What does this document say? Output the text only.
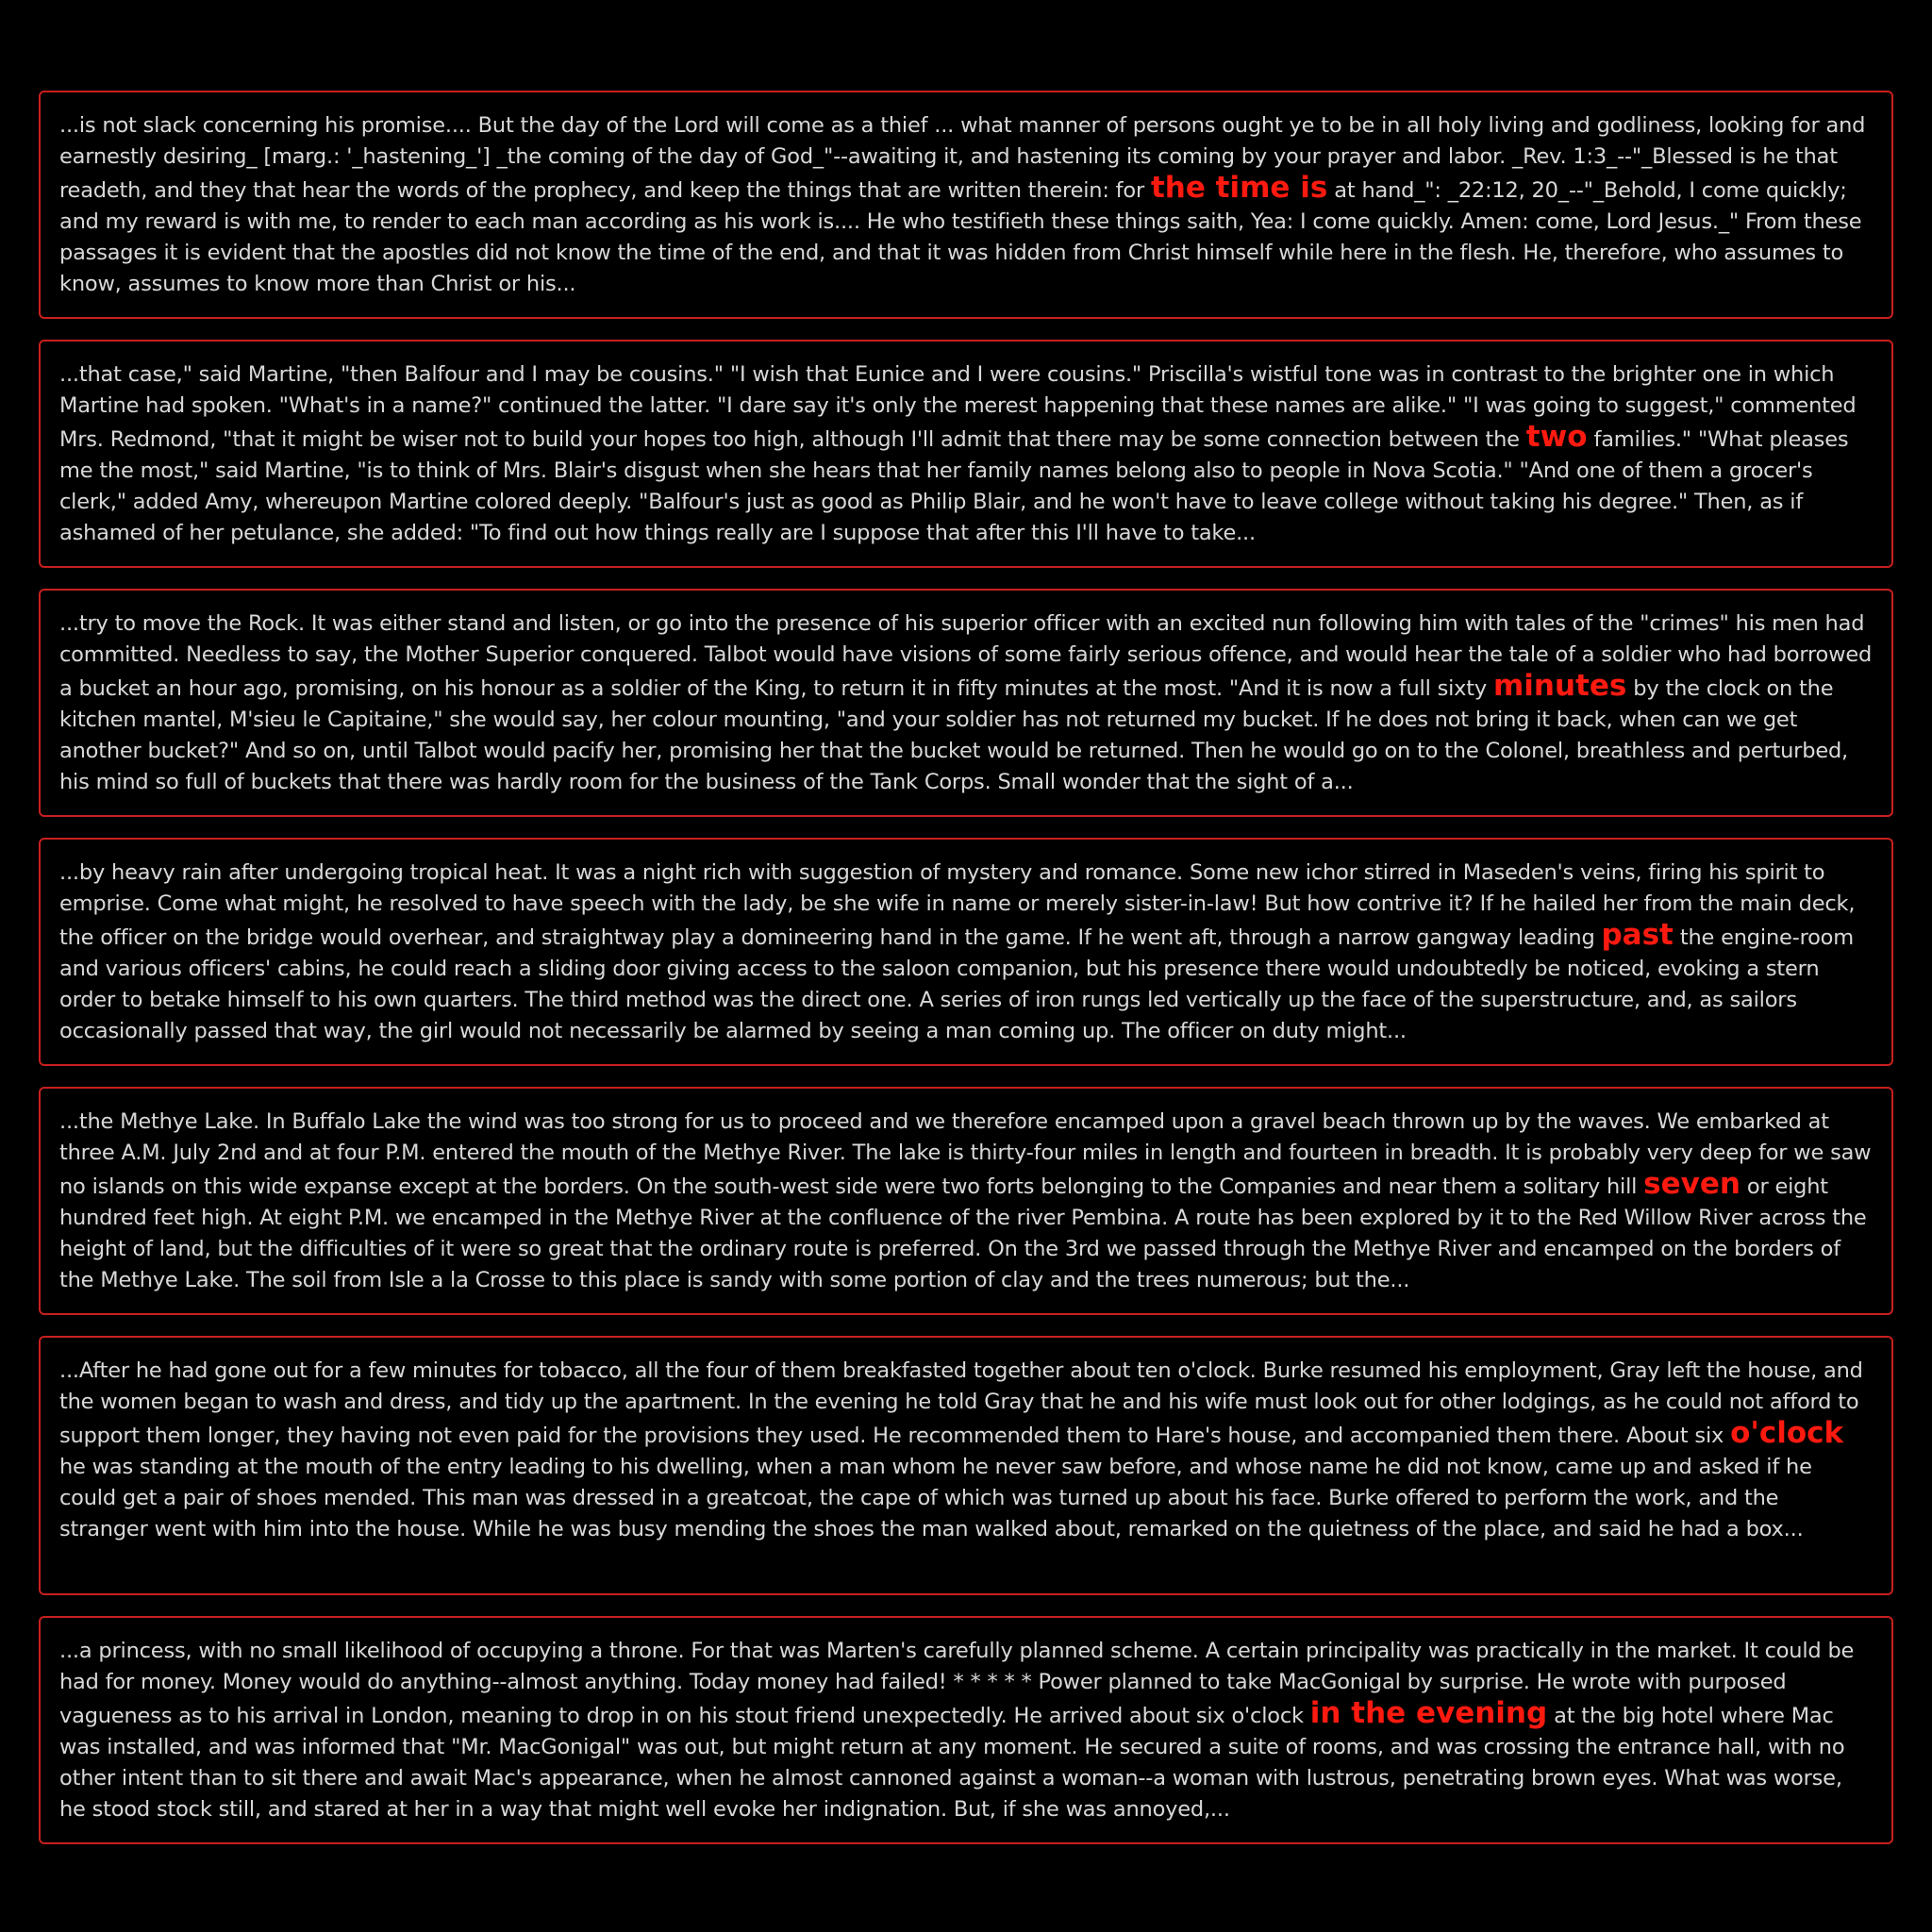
...is not slack concerning his promise.... But the day of the Lord will come as a thief ... what manner of persons ought ye to be in all holy living and godliness, looking for and earnestly desiring_ [marg.: '_hastening_'] _the coming of the day of God_"--awaiting it, and hastening its coming by your prayer and labor. _Rev. 1:3_--"_Blessed is he that readeth, and they that hear the words of the prophecy, and keep the things that are written therein: for the time is at hand_": _22:12, 20_--"_Behold, I come quickly; and my reward is with me, to render to each man according as his work is.... He who testifieth these things saith, Yea: I come quickly. Amen: come, Lord Jesus._" From these passages it is evident that the apostles did not know the time of the end, and that it was hidden from Christ himself while here in the flesh. He, therefore, who assumes to know, assumes to know more than Christ or his...
...that case," said Martine, "then Balfour and I may be cousins." "I wish that Eunice and I were cousins." Priscilla's wistful tone was in contrast to the brighter one in which Martine had spoken. "What's in a name?" continued the latter. "I dare say it's only the merest happening that these names are alike." "I was going to suggest," commented Mrs. Redmond, "that it might be wiser not to build your hopes too high, although I'll admit that there may be some connection between the two families." "What pleases me the most," said Martine, "is to think of Mrs. Blair's disgust when she hears that her family names belong also to people in Nova Scotia." "And one of them a grocer's clerk," added Amy, whereupon Martine colored deeply. "Balfour's just as good as Philip Blair, and he won't have to leave college without taking his degree." Then, as if ashamed of her petulance, she added: "To find out how things really are I suppose that after this I'll have to take...
...try to move the Rock. It was either stand and listen, or go into the presence of his superior officer with an excited nun following him with tales of the "crimes" his men had committed. Needless to say, the Mother Superior conquered. Talbot would have visions of some fairly serious offence, and would hear the tale of a soldier who had borrowed a bucket an hour ago, promising, on his honour as a soldier of the King, to return it in fifty minutes at the most. "And it is now a full sixty minutes by the clock on the kitchen mantel, M'sieu le Capitaine," she would say, her colour mounting, "and your soldier has not returned my bucket. If he does not bring it back, when can we get another bucket?" And so on, until Talbot would pacify her, promising her that the bucket would be returned. Then he would go on to the Colonel, breathless and perturbed, his mind so full of buckets that there was hardly room for the business of the Tank Corps. Small wonder that the sight of a...
...by heavy rain after undergoing tropical heat. It was a night rich with suggestion of mystery and romance. Some new ichor stirred in Maseden's veins, firing his spirit to emprise. Come what might, he resolved to have speech with the lady, be she wife in name or merely sister-in-law! But how contrive it? If he hailed her from the main deck, the officer on the bridge would overhear, and straightway play a domineering hand in the game. If he went aft, through a narrow gangway leading past the engine-room and various officers' cabins, he could reach a sliding door giving access to the saloon companion, but his presence there would undoubtedly be noticed, evoking a stern order to betake himself to his own quarters. The third method was the direct one. A series of iron rungs led vertically up the face of the superstructure, and, as sailors occasionally passed that way, the girl would not necessarily be alarmed by seeing a man coming up. The officer on duty might...
...the Methye Lake. In Buffalo Lake the wind was too strong for us to proceed and we therefore encamped upon a gravel beach thrown up by the waves. We embarked at three A.M. July 2nd and at four P.M. entered the mouth of the Methye River. The lake is thirty-four miles in length and fourteen in breadth. It is probably very deep for we saw no islands on this wide expanse except at the borders. On the south-west side were two forts belonging to the Companies and near them a solitary hill seven or eight hundred feet high. At eight P.M. we encamped in the Methye River at the confluence of the river Pembina. A route has been explored by it to the Red Willow River across the height of land, but the difficulties of it were so great that the ordinary route is preferred. On the 3rd we passed through the Methye River and encamped on the borders of the Methye Lake. The soil from Isle a la Crosse to this place is sandy with some portion of clay and the trees numerous; but the...
...After he had gone out for a few minutes for tobacco, all the four of them breakfasted together about ten o'clock. Burke resumed his employment, Gray left the house, and the women began to wash and dress, and tidy up the apartment. In the evening he told Gray that he and his wife must look out for other lodgings, as he could not afford to support them longer, they having not even paid for the provisions they used. He recommended them to Hare's house, and accompanied them there. About six o'clock he was standing at the mouth of the entry leading to his dwelling, when a man whom he never saw before, and whose name he did not know, came up and asked if he could get a pair of shoes mended. This man was dressed in a greatcoat, the cape of which was turned up about his face. Burke offered to perform the work, and the stranger went with him into the house. While he was busy mending the shoes the man walked about, remarked on the quietness of the place, and said he had a box...
...a princess, with no small likelihood of occupying a throne. For that was Marten's carefully planned scheme. A certain principality was practically in the market. It could be had for money. Money would do anything--almost anything. Today money had failed! * * * * * Power planned to take MacGonigal by surprise. He wrote with purposed vagueness as to his arrival in London, meaning to drop in on his stout friend unexpectedly. He arrived about six o'clock in the evening at the big hotel where Mac was installed, and was informed that "Mr. MacGonigal" was out, but might return at any moment. He secured a suite of rooms, and was crossing the entrance hall, with no other intent than to sit there and await Mac's appearance, when he almost cannoned against a woman--a woman with lustrous, penetrating brown eyes. What was worse, he stood stock still, and stared at her in a way that might well evoke her indignation. But, if she was annoyed,...
